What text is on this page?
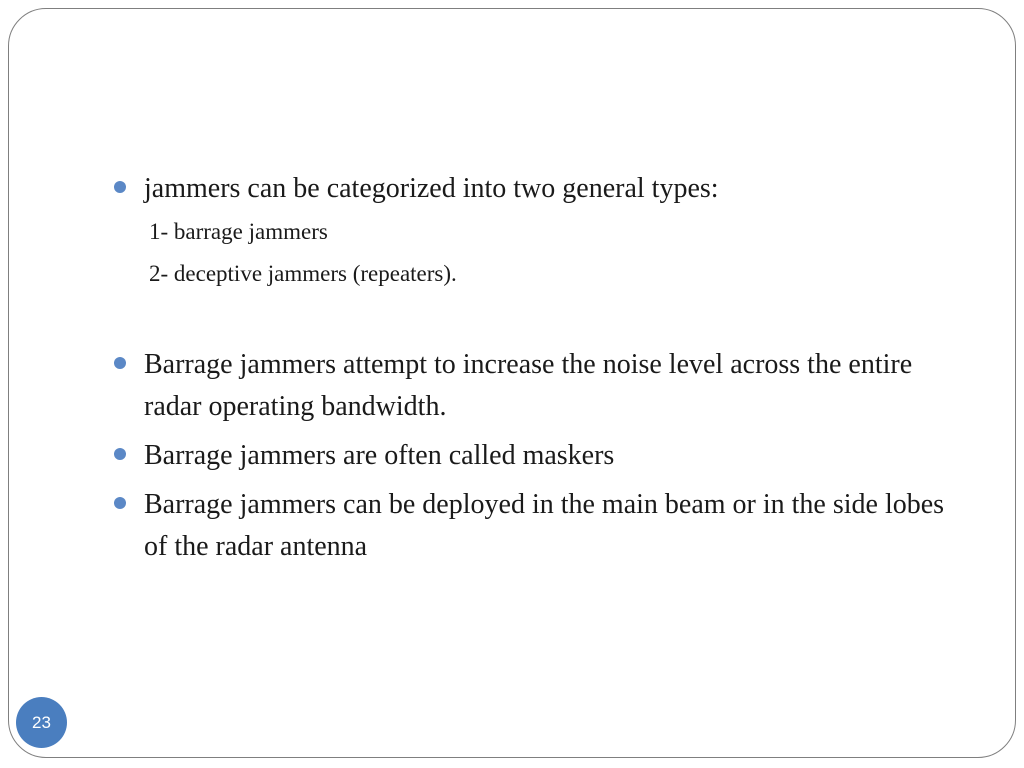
jammers can be categorized into two general types:
1- barrage jammers
2- deceptive jammers (repeaters).
Barrage jammers attempt to increase the noise level across the entire radar operating bandwidth.
Barrage jammers are often called maskers
Barrage jammers can be deployed in the main beam or in the side lobes of the radar antenna
23
